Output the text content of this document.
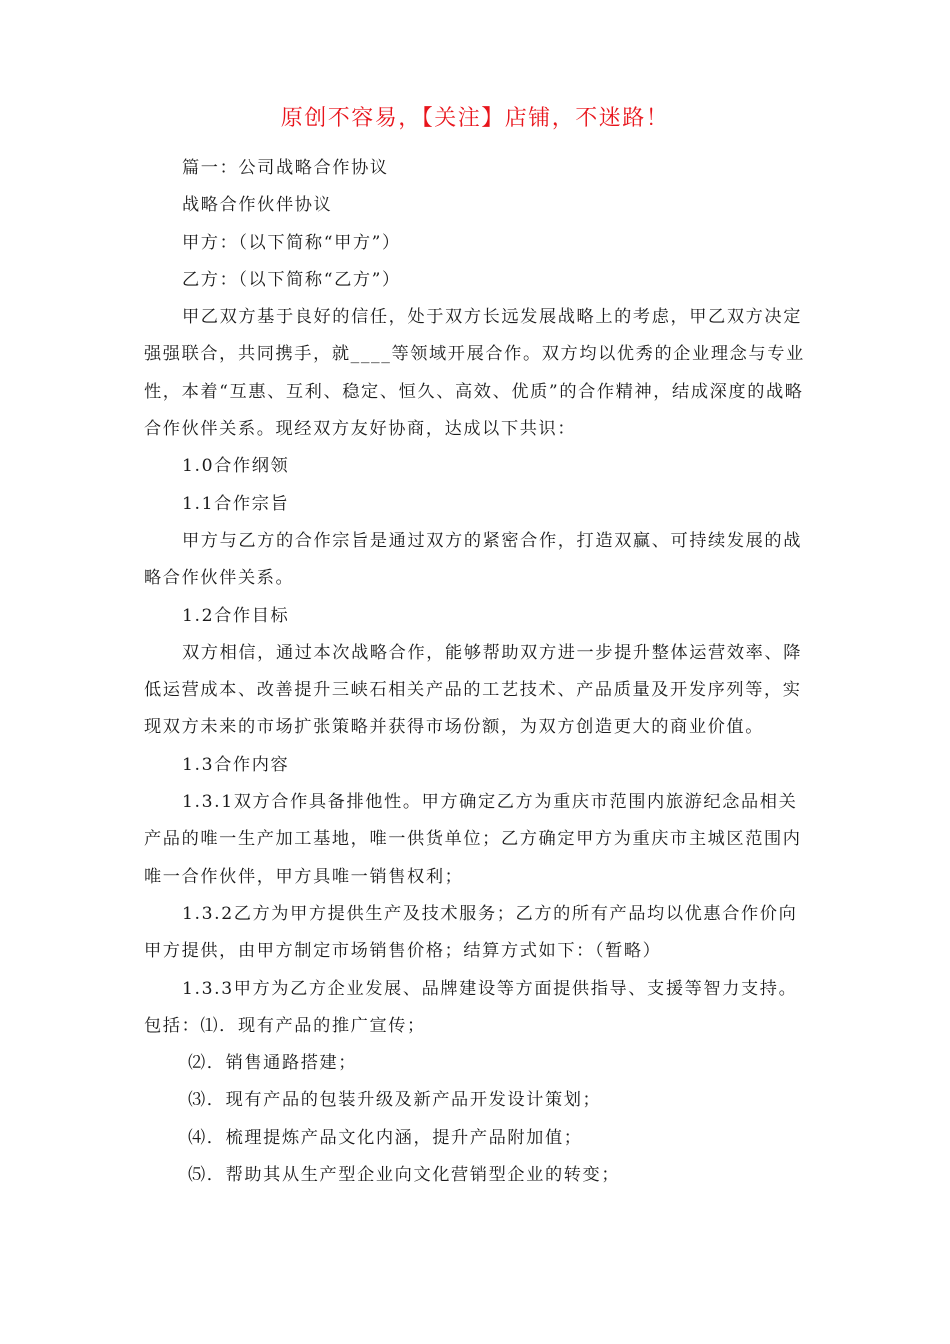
原创不容易，【关注】店铺，不迷路！

篇一：公司战略合作协议

战略合作伙伴协议

甲方：（以下简称“甲方”）

乙方：（以下简称“乙方”）

甲乙双方基于良好的信任，处于双方长远发展战略上的考虑，甲乙双方决定强强联合，共同携手，就____等领域开展合作。双方均以优秀的企业理念与专业性，本着“互惠、互利、稳定、恒久、高效、优质”的合作精神，结成深度的战略合作伙伴关系。现经双方友好协商，达成以下共识：

1.0合作纲领

1.1合作宗旨

甲方与乙方的合作宗旨是通过双方的紧密合作，打造双赢、可持续发展的战略合作伙伴关系。

1.2合作目标

双方相信，通过本次战略合作，能够帮助双方进一步提升整体运营效率、降低运营成本、改善提升三峡石相关产品的工艺技术、产品质量及开发序列等，实现双方未来的市场扩张策略并获得市场份额，为双方创造更大的商业价值。

1.3合作内容

1.3.1双方合作具备排他性。甲方确定乙方为重庆市范围内旅游纪念品相关产品的唯一生产加工基地，唯一供货单位；乙方确定甲方为重庆市主城区范围内唯一合作伙伴，甲方具唯一销售权利；

1.3.2乙方为甲方提供生产及技术服务；乙方的所有产品均以优惠合作价向甲方提供，由甲方制定市场销售价格；结算方式如下：（暂略）

1.3.3甲方为乙方企业发展、品牌建设等方面提供指导、支援等智力支持。包括：⑴．现有产品的推广宣传；

⑵．销售通路搭建；

⑶．现有产品的包装升级及新产品开发设计策划；

⑷．梳理提炼产品文化内涵，提升产品附加值；

⑸．帮助其从生产型企业向文化营销型企业的转变；
